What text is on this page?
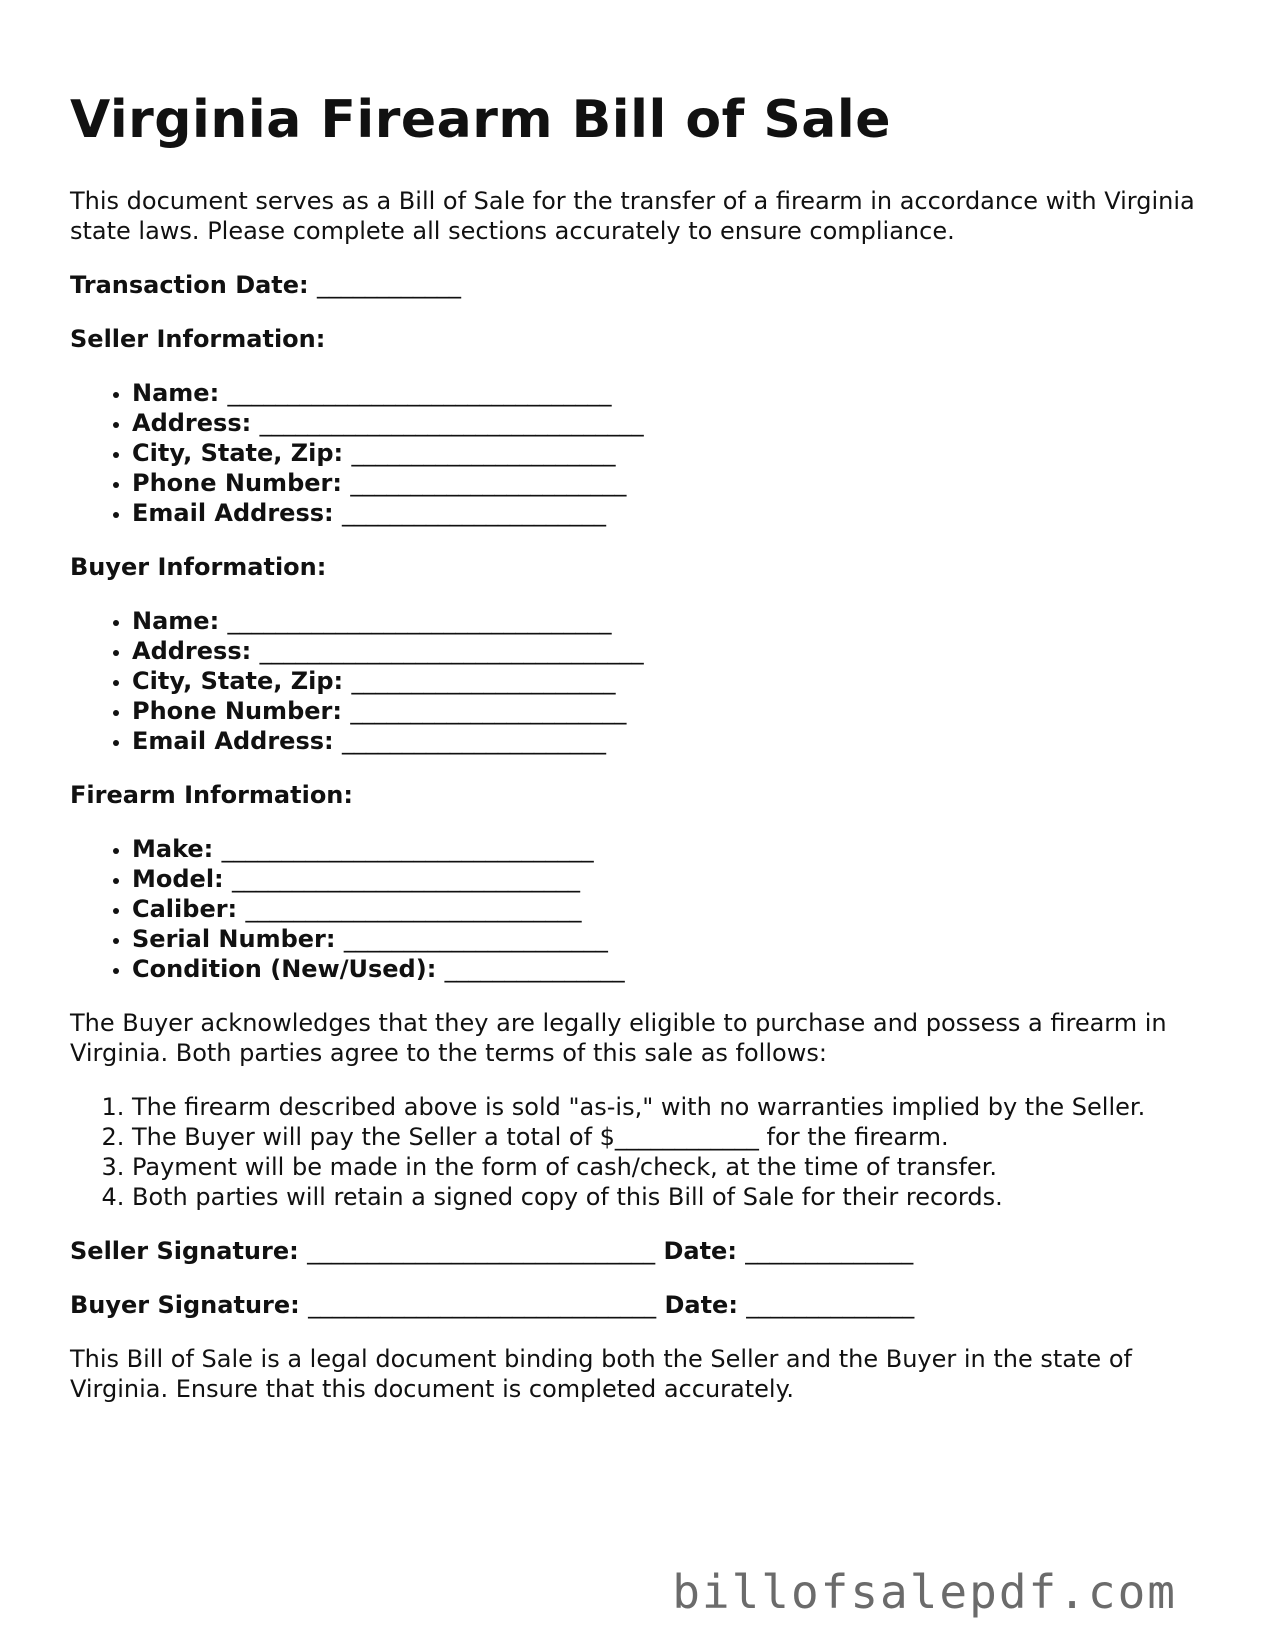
Virginia Firearm Bill of Sale

This document serves as a Bill of Sale for the transfer of a firearm in accordance with Virginia state laws. Please complete all sections accurately to ensure compliance.

Transaction Date: ____________

Seller Information:

• Name: ________________________________
• Address: ________________________________
• City, State, Zip: ______________________
• Phone Number: _______________________
• Email Address: ______________________

Buyer Information:

• Name: ________________________________
• Address: ________________________________
• City, State, Zip: ______________________
• Phone Number: _______________________
• Email Address: ______________________

Firearm Information:

• Make: _______________________________
• Model: _____________________________
• Caliber: ____________________________
• Serial Number: ______________________
• Condition (New/Used): _______________

The Buyer acknowledges that they are legally eligible to purchase and possess a firearm in Virginia. Both parties agree to the terms of this sale as follows:

1. The firearm described above is sold "as-is," with no warranties implied by the Seller.
2. The Buyer will pay the Seller a total of $____________ for the firearm.
3. Payment will be made in the form of cash/check, at the time of transfer.
4. Both parties will retain a signed copy of this Bill of Sale for their records.

Seller Signature: _____________________________ Date: ______________

Buyer Signature: _____________________________ Date: ______________

This Bill of Sale is a legal document binding both the Seller and the Buyer in the state of Virginia. Ensure that this document is completed accurately.

billofsalepdf.com
